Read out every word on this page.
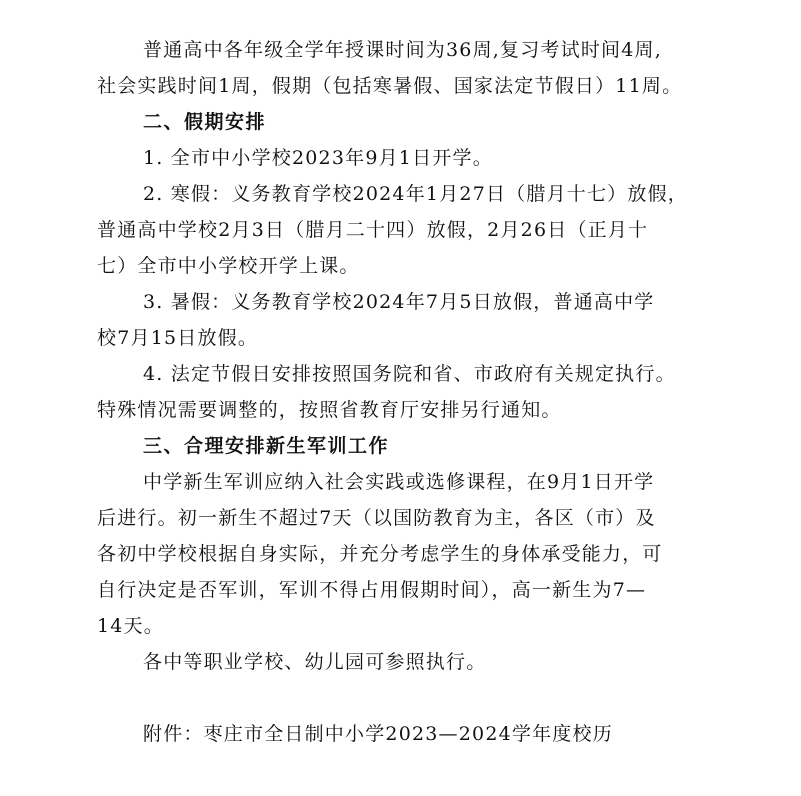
普通高中各年级全学年授课时间为36周,复习考试时间4周,
社会实践时间1周，假期（包括寒暑假、国家法定节假日）11周。
二、假期安排
1. 全市中小学校2023年9月1日开学。
2. 寒假：义务教育学校2024年1月27日（腊月十七）放假，
普通高中学校2月3日（腊月二十四）放假，2月26日（正月十
七）全市中小学校开学上课。
3. 暑假：义务教育学校2024年7月5日放假，普通高中学
校7月15日放假。
4. 法定节假日安排按照国务院和省、市政府有关规定执行。
特殊情况需要调整的，按照省教育厅安排另行通知。
三、合理安排新生军训工作
中学新生军训应纳入社会实践或选修课程，在9月1日开学
后进行。初一新生不超过7天（以国防教育为主，各区（市）及
各初中学校根据自身实际，并充分考虑学生的身体承受能力，可
自行决定是否军训，军训不得占用假期时间），高一新生为7—
14天。
各中等职业学校、幼儿园可参照执行。
附件：枣庄市全日制中小学2023—2024学年度校历
